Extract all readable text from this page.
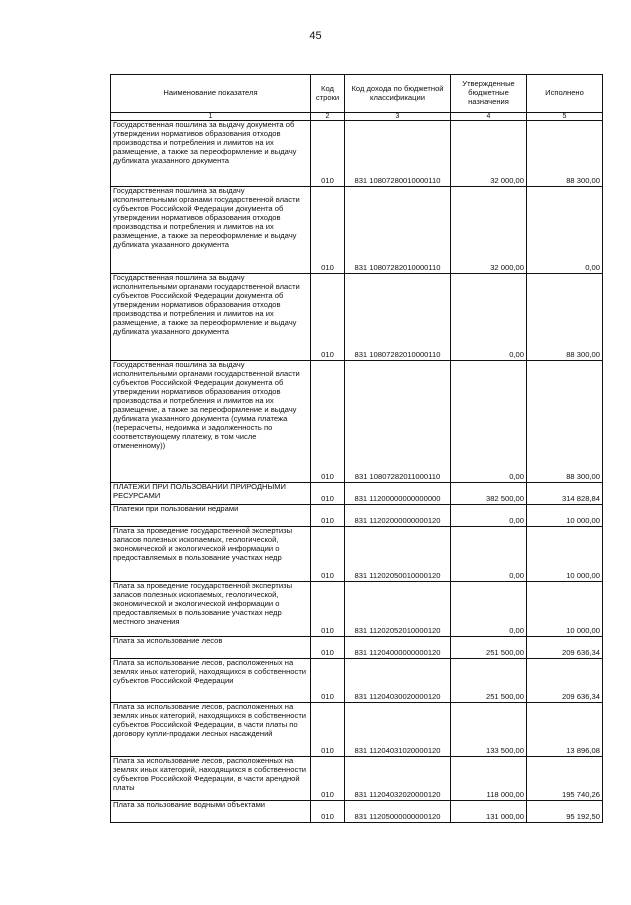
45
Наименование показателя	Код строки	Код дохода по бюджетной классификации	Утвержденные бюджетные назначения	Исполнено
1	2	3	4	5
Государственная пошлина за выдачу документа об утверждении нормативов образования отходов производства и потребления и лимитов на их размещение, а также за переоформление и выдачу дубликата указанного документа	010	831 10807280010000110	32 000,00	88 300,00
Государственная пошлина за выдачу исполнительными органами государственной власти субъектов Российской Федерации документа об утверждении нормативов образования отходов производства и потребления и лимитов на их размещение, а также за переоформление и выдачу дубликата указанного документа	010	831 10807282010000110	32 000,00	0,00
Государственная пошлина за выдачу исполнительными органами государственной власти субъектов Российской Федерации документа об утверждении нормативов образования отходов производства и потребления и лимитов на их размещение, а также за переоформление и выдачу дубликата указанного документа	010	831 10807282010000110	0,00	88 300,00
Государственная пошлина за выдачу исполнительными органами государственной власти субъектов Российской Федерации документа об утверждении нормативов образования отходов производства и потребления и лимитов на их размещение, а также за переоформление и выдачу дубликата указанного документа (сумма платежа (перерасчеты, недоимка и задолженность по соответствующему платежу, в том числе отмененному))	010	831 10807282011000110	0,00	88 300,00
ПЛАТЕЖИ ПРИ ПОЛЬЗОВАНИИ ПРИРОДНЫМИ РЕСУРСАМИ	010	831 11200000000000000	382 500,00	314 828,84
Платежи при пользовании недрами	010	831 11202000000000120	0,00	10 000,00
Плата за проведение государственной экспертизы запасов полезных ископаемых, геологической, экономической и экологической информации о предоставляемых в пользование участках недр	010	831 11202050010000120	0,00	10 000,00
Плата за проведение государственной экспертизы запасов полезных ископаемых, геологической, экономической и экологической информации о предоставляемых в пользование участках недр местного значения	010	831 11202052010000120	0,00	10 000,00
Плата за использование лесов	010	831 11204000000000120	251 500,00	209 636,34
Плата за использование лесов, расположенных на землях иных категорий, находящихся в собственности субъектов Российской Федерации	010	831 11204030020000120	251 500,00	209 636,34
Плата за использование лесов, расположенных на землях иных категорий, находящихся в собственности субъектов Российской Федерации, в части платы по договору купли-продажи лесных насаждений	010	831 11204031020000120	133 500,00	13 896,08
Плата за использование лесов, расположенных на землях иных категорий, находящихся в собственности субъектов Российской Федерации, в части арендной платы	010	831 11204032020000120	118 000,00	195 740,26
Плата за пользование водными объектами	010	831 11205000000000120	131 000,00	95 192,50
